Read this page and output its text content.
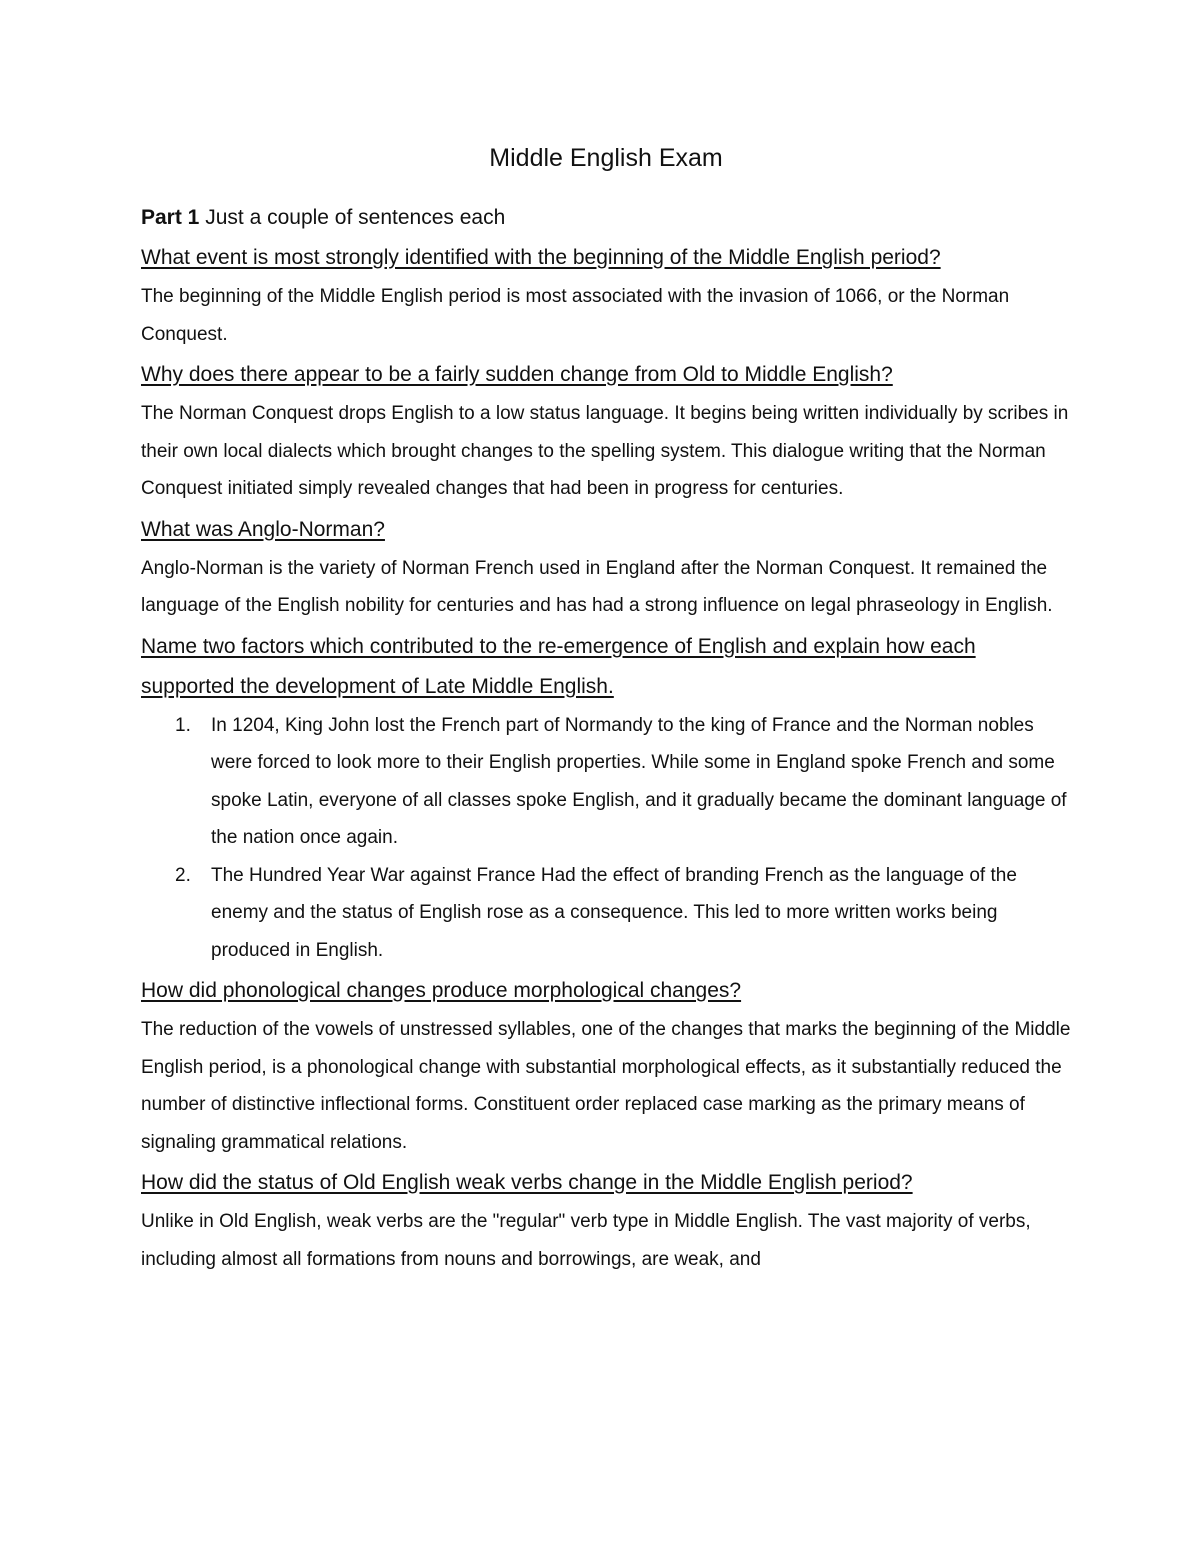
Middle English Exam

Part 1 Just a couple of sentences each

What event is most strongly identified with the beginning of the Middle English period?

The beginning of the Middle English period is most associated with the invasion of 1066, or the Norman Conquest.

Why does there appear to be a fairly sudden change from Old to Middle English?

The Norman Conquest drops English to a low status language. It begins being written individually by scribes in their own local dialects which brought changes to the spelling system. This dialogue writing that the Norman Conquest initiated simply revealed changes that had been in progress for centuries.

What was Anglo-Norman?

Anglo-Norman is the variety of Norman French used in England after the Norman Conquest. It remained the language of the English nobility for centuries and has had a strong influence on legal phraseology in English.

Name two factors which contributed to the re-emergence of English and explain how each supported the development of Late Middle English.

1. In 1204, King John lost the French part of Normandy to the king of France and the Norman nobles were forced to look more to their English properties. While some in England spoke French and some spoke Latin, everyone of all classes spoke English, and it gradually became the dominant language of the nation once again.
2. The Hundred Year War against France Had the effect of branding French as the language of the enemy and the status of English rose as a consequence. This led to more written works being produced in English.

How did phonological changes produce morphological changes?

The reduction of the vowels of unstressed syllables, one of the changes that marks the beginning of the Middle English period, is a phonological change with substantial morphological effects, as it substantially reduced the number of distinctive inflectional forms. Constituent order replaced case marking as the primary means of signaling grammatical relations.

How did the status of Old English weak verbs change in the Middle English period?

Unlike in Old English, weak verbs are the "regular" verb type in Middle English. The vast majority of verbs, including almost all formations from nouns and borrowings, are weak, and
